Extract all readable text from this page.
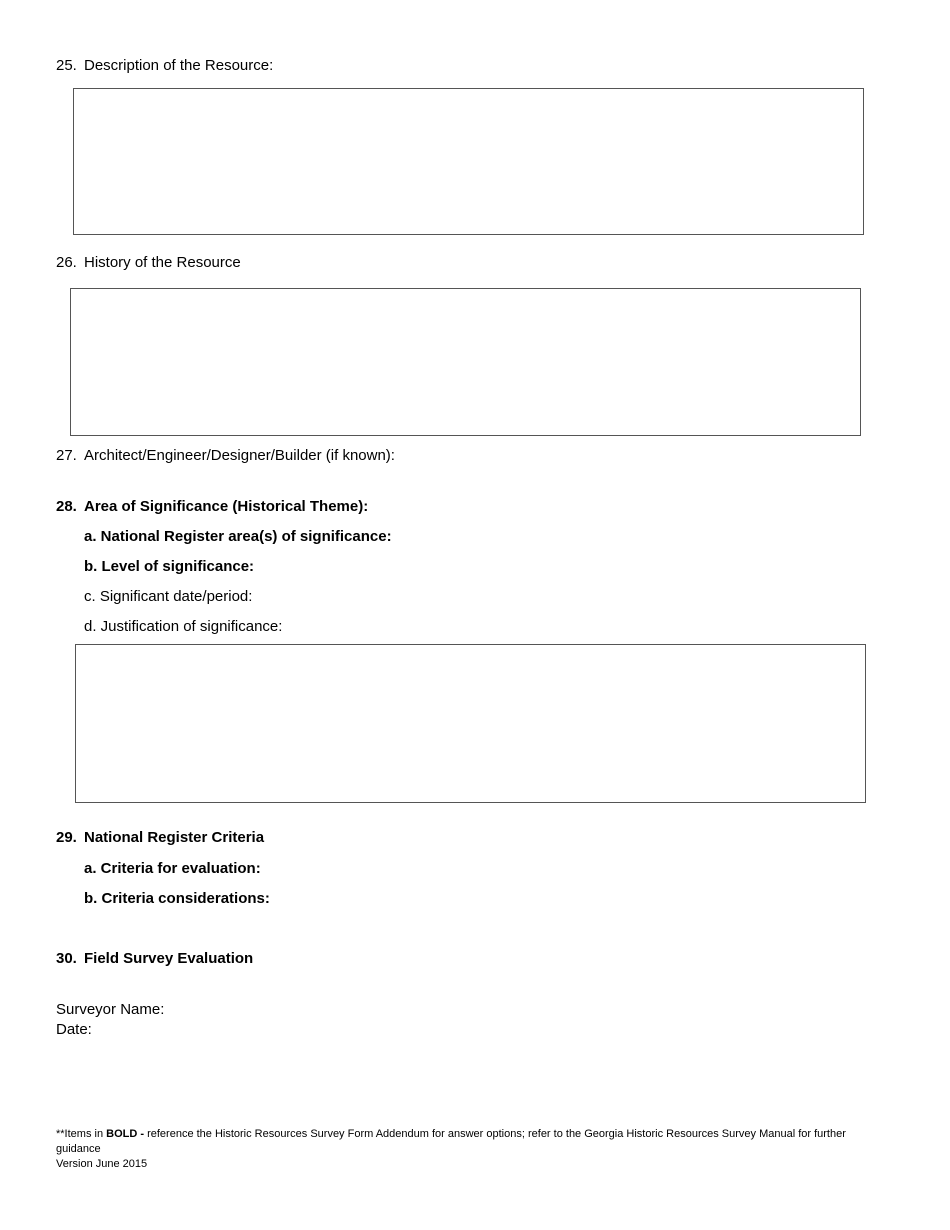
25. Description of the Resource:
26. History of the Resource
27. Architect/Engineer/Designer/Builder (if known):
28. Area of Significance (Historical Theme):
a. National Register area(s) of significance:
b. Level of significance:
c. Significant date/period:
d. Justification of significance:
29. National Register Criteria
a. Criteria for evaluation:
b. Criteria considerations:
30. Field Survey Evaluation
Surveyor Name:
Date:
**Items in BOLD - reference the Historic Resources Survey Form Addendum for answer options; refer to the Georgia Historic Resources Survey Manual for further guidance
Version June 2015
